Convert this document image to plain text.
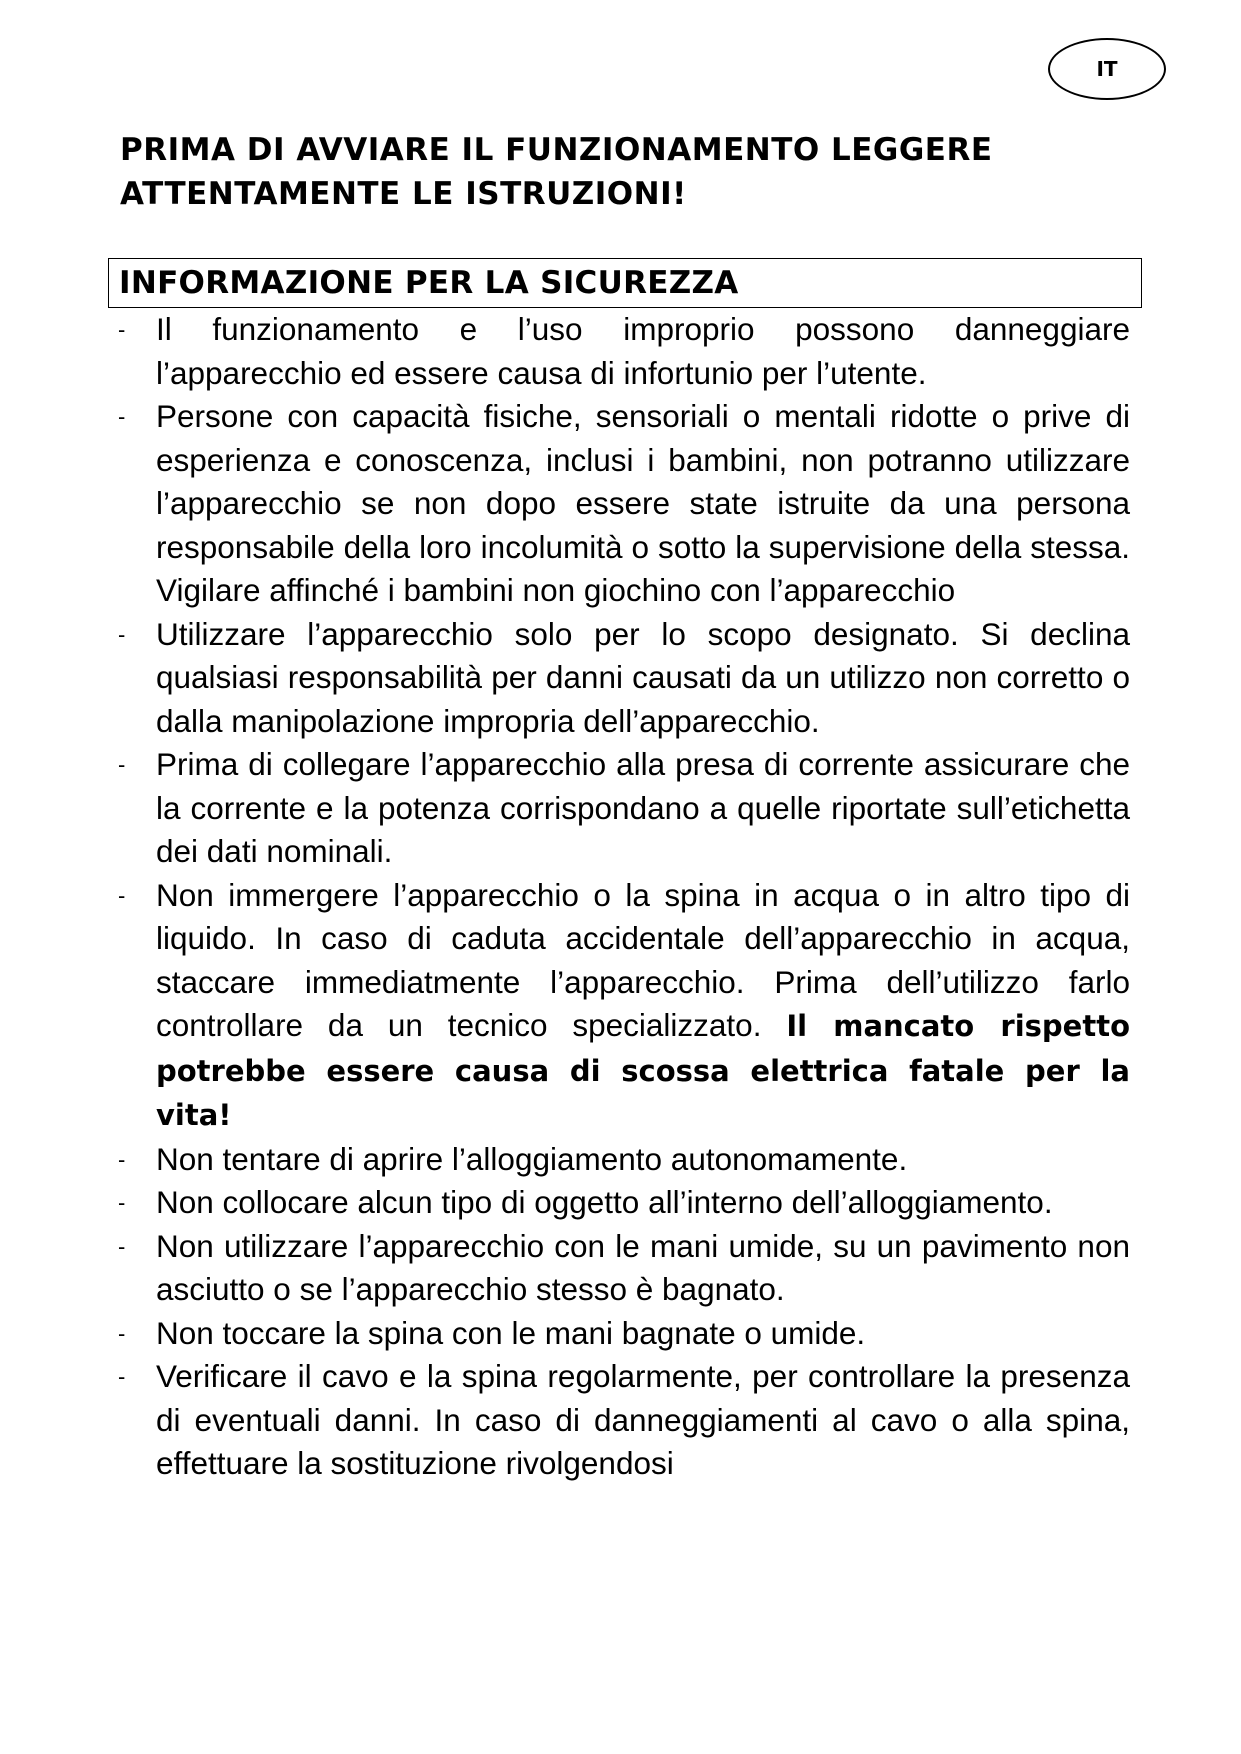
IT
PRIMA DI AVVIARE IL FUNZIONAMENTO LEGGERE ATTENTAMENTE LE ISTRUZIONI!
INFORMAZIONE PER LA SICUREZZA
- Il funzionamento e l’uso improprio possono danneggiare l’apparecchio ed essere causa di infortunio per l’utente.
- Persone con capacità fisiche, sensoriali o mentali ridotte o prive di esperienza e conoscenza, inclusi i bambini, non potranno utilizzare l’apparecchio se non dopo essere state istruite da una persona responsabile della loro incolumità o sotto la supervisione della stessa. Vigilare affinché i bambini non giochino con l’apparecchio
- Utilizzare l’apparecchio solo per lo scopo designato. Si declina qualsiasi responsabilità per danni causati da un utilizzo non corretto o dalla manipolazione impropria dell’apparecchio.
- Prima di collegare l’apparecchio alla presa di corrente assicurare che la corrente e la potenza corrispondano a quelle riportate sull’etichetta dei dati nominali.
- Non immergere l’apparecchio o la spina in acqua o in altro tipo di liquido. In caso di caduta accidentale dell’apparecchio in acqua, staccare immediatmente l’apparecchio. Prima dell’utilizzo farlo controllare da un tecnico specializzato. Il mancato rispetto potrebbe essere causa di scossa elettrica fatale per la vita!
- Non tentare di aprire l’alloggiamento autonomamente.
- Non collocare alcun tipo di oggetto all’interno dell’alloggiamento.
- Non utilizzare l’apparecchio con le mani umide, su un pavimento non asciutto o se l’apparecchio stesso è bagnato.
- Non toccare la spina con le mani bagnate o umide.
- Verificare il cavo e la spina regolarmente, per controllare la presenza di eventuali danni. In caso di danneggiamenti al cavo o alla spina, effettuare la sostituzione rivolgendosi
